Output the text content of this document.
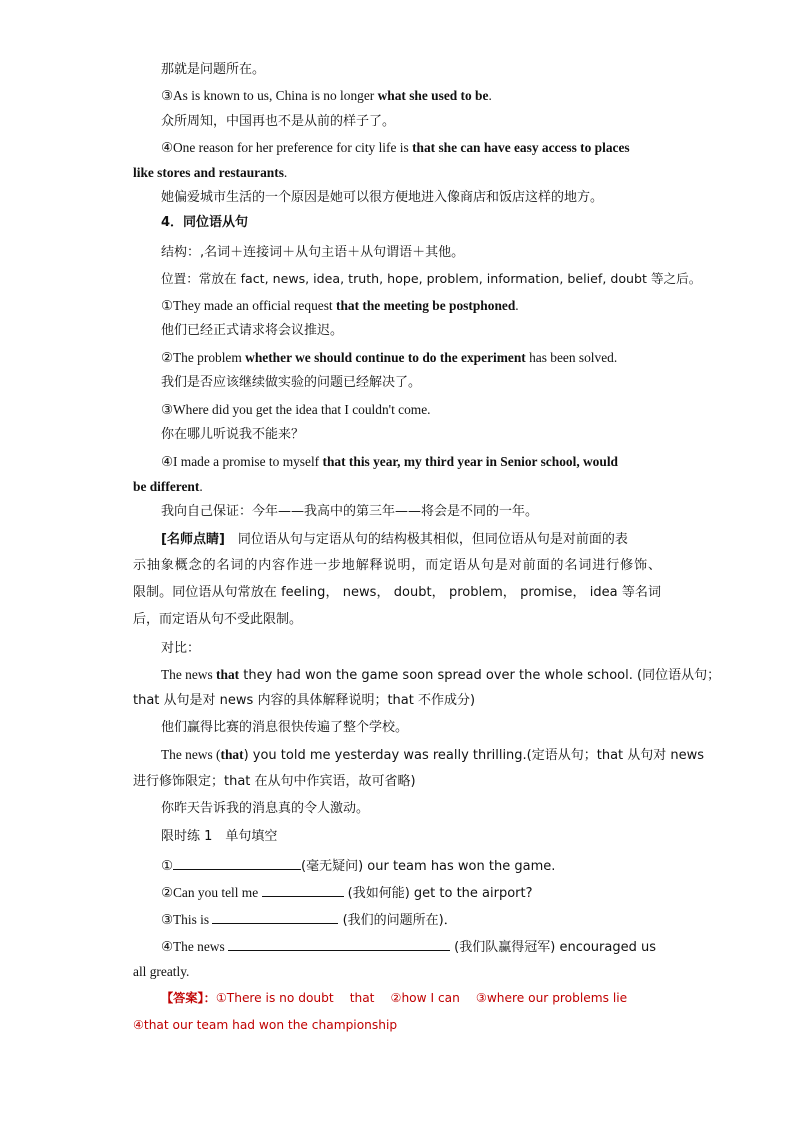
那就是问题所在。
③As is known to us, China is no longer what she used to be.
众所周知，中国再也不是从前的样子了。
④One reason for her preference for city life is that she can have easy access to places
like stores and restaurants.
她偏爱城市生活的一个原因是她可以很方便地进入像商店和饭店这样的地方。
4．同位语从句
结构：,名词＋连接词＋从句主语＋从句谓语＋其他。
位置：常放在 fact, news, idea, truth, hope, problem, information, belief, doubt 等之后。
①They made an official request that the meeting be postphoned.
他们已经正式请求将会议推迟。
②The problem whether we should continue to do the experiment has been solved.
我们是否应该继续做实验的问题已经解决了。
③Where did you get the idea that I couldn't come.
你在哪儿听说我不能来？
④I made a promise to myself that this year, my third year in Senior school, would
be different.
我向自己保证：今年——我高中的第三年——将会是不同的一年。
[名师点睛]　同位语从句与定语从句的结构极其相似，但同位语从句是对前面的表
示抽象概念的名词的内容作进一步地解释说明，而定语从句是对前面的名词进行修饰、
限制。同位语从句常放在 feeling， news， doubt， problem， promise， idea 等名词
后，而定语从句不受此限制。
对比：
The news that they had won the game soon spread over the whole school. (同位语从句；
that 从句是对 news 内容的具体解释说明；that 不作成分)
他们赢得比赛的消息很快传遍了整个学校。
The news (that) you told me yesterday was really thrilling.(定语从句；that 从句对 news
进行修饰限定；that 在从句中作宾语，故可省略)
你昨天告诉我的消息真的令人激动。
限时练 1　单句填空
①	(毫无疑问) our team has won the game.
②Can you tell me	(我如何能) get to the airport?
③This is	(我们的问题所在)．
④The news	(我们队赢得冠军) encouraged us
all greatly.
【答案】：①There is no doubt　 that　 ②how I can　 ③where our problems lie
④that our team had won the championship
